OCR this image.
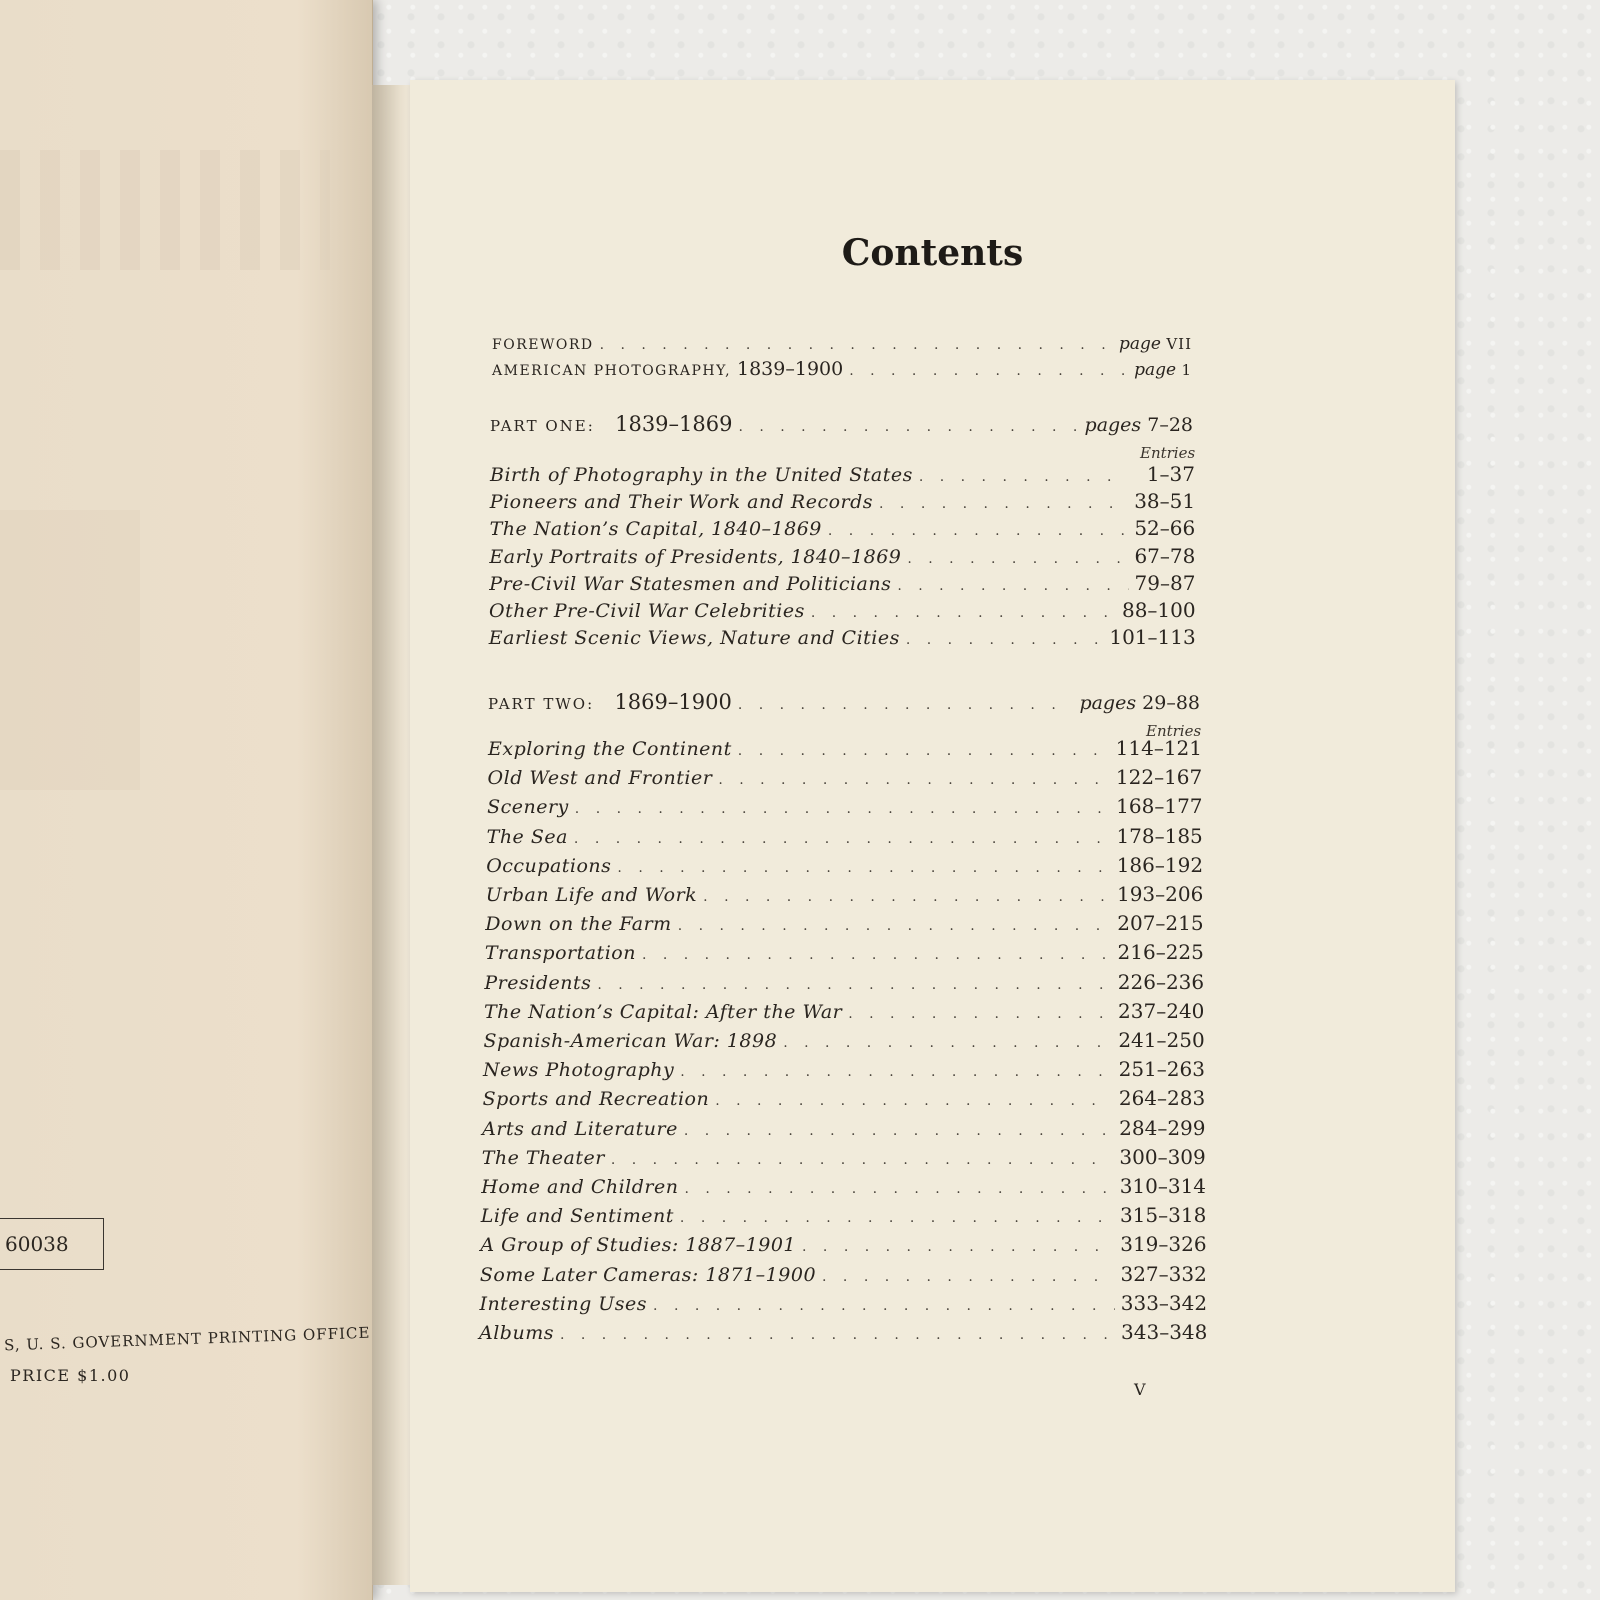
60038
S, U. S. GOVERNMENT PRINTING OFFICE
PRICE $1.00
Contents
FOREWORD . . .	page VII
AMERICAN PHOTOGRAPHY, 1839–1900 . . .	page 1
PART ONE: 1839–1869 . . .	pages 7–28
Entries
Birth of Photography in the United States . . .	1–37
Pioneers and Their Work and Records . . .	38–51
The Nation’s Capital, 1840–1869 . . .	52–66
Early Portraits of Presidents, 1840–1869 . . .	67–78
Pre-Civil War Statesmen and Politicians . . .	79–87
Other Pre-Civil War Celebrities . . .	88–100
Earliest Scenic Views, Nature and Cities . . .	101–113
PART TWO: 1869–1900 . . .	pages 29–88
Entries
Exploring the Continent . . .	114–121
Old West and Frontier . . .	122–167
Scenery . . .	168–177
The Sea . . .	178–185
Occupations . . .	186–192
Urban Life and Work . . .	193–206
Down on the Farm . . .	207–215
Transportation . . .	216–225
Presidents . . .	226–236
The Nation’s Capital: After the War . . .	237–240
Spanish-American War: 1898 . . .	241–250
News Photography . . .	251–263
Sports and Recreation . . .	264–283
Arts and Literature . . .	284–299
The Theater . . .	300–309
Home and Children . . .	310–314
Life and Sentiment . . .	315–318
A Group of Studies: 1887–1901 . . .	319–326
Some Later Cameras: 1871–1900 . . .	327–332
Interesting Uses . . .	333–342
Albums . . .	343–348
V
